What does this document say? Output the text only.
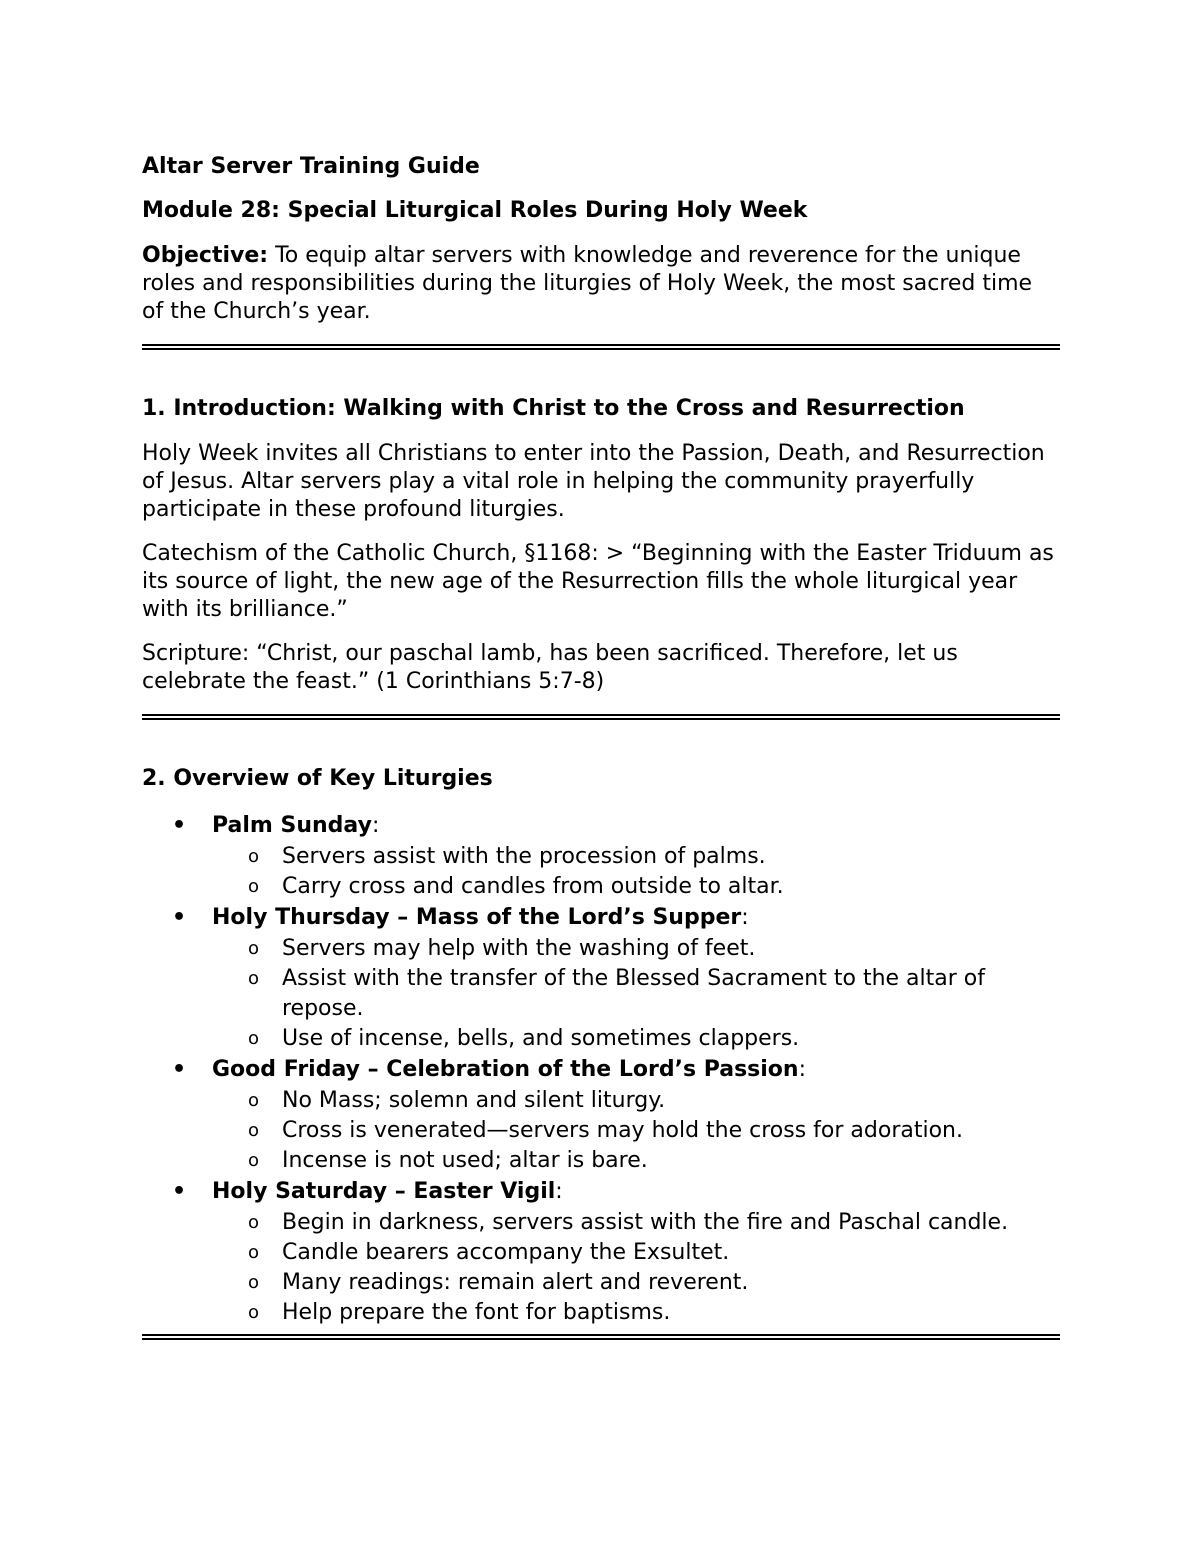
Altar Server Training Guide
Module 28: Special Liturgical Roles During Holy Week

Objective: To equip altar servers with knowledge and reverence for the unique roles and responsibilities during the liturgies of Holy Week, the most sacred time of the Church’s year.

1. Introduction: Walking with Christ to the Cross and Resurrection

Holy Week invites all Christians to enter into the Passion, Death, and Resurrection of Jesus. Altar servers play a vital role in helping the community prayerfully participate in these profound liturgies.

Catechism of the Catholic Church, §1168: > “Beginning with the Easter Triduum as its source of light, the new age of the Resurrection fills the whole liturgical year with its brilliance.”

Scripture: “Christ, our paschal lamb, has been sacrificed. Therefore, let us celebrate the feast.” (1 Corinthians 5:7-8)

2. Overview of Key Liturgies
• Palm Sunday:
o Servers assist with the procession of palms.
o Carry cross and candles from outside to altar.
• Holy Thursday – Mass of the Lord’s Supper:
o Servers may help with the washing of feet.
o Assist with the transfer of the Blessed Sacrament to the altar of repose.
o Use of incense, bells, and sometimes clappers.
• Good Friday – Celebration of the Lord’s Passion:
o No Mass; solemn and silent liturgy.
o Cross is venerated—servers may hold the cross for adoration.
o Incense is not used; altar is bare.
• Holy Saturday – Easter Vigil:
o Begin in darkness, servers assist with the fire and Paschal candle.
o Candle bearers accompany the Exsultet.
o Many readings: remain alert and reverent.
o Help prepare the font for baptisms.
